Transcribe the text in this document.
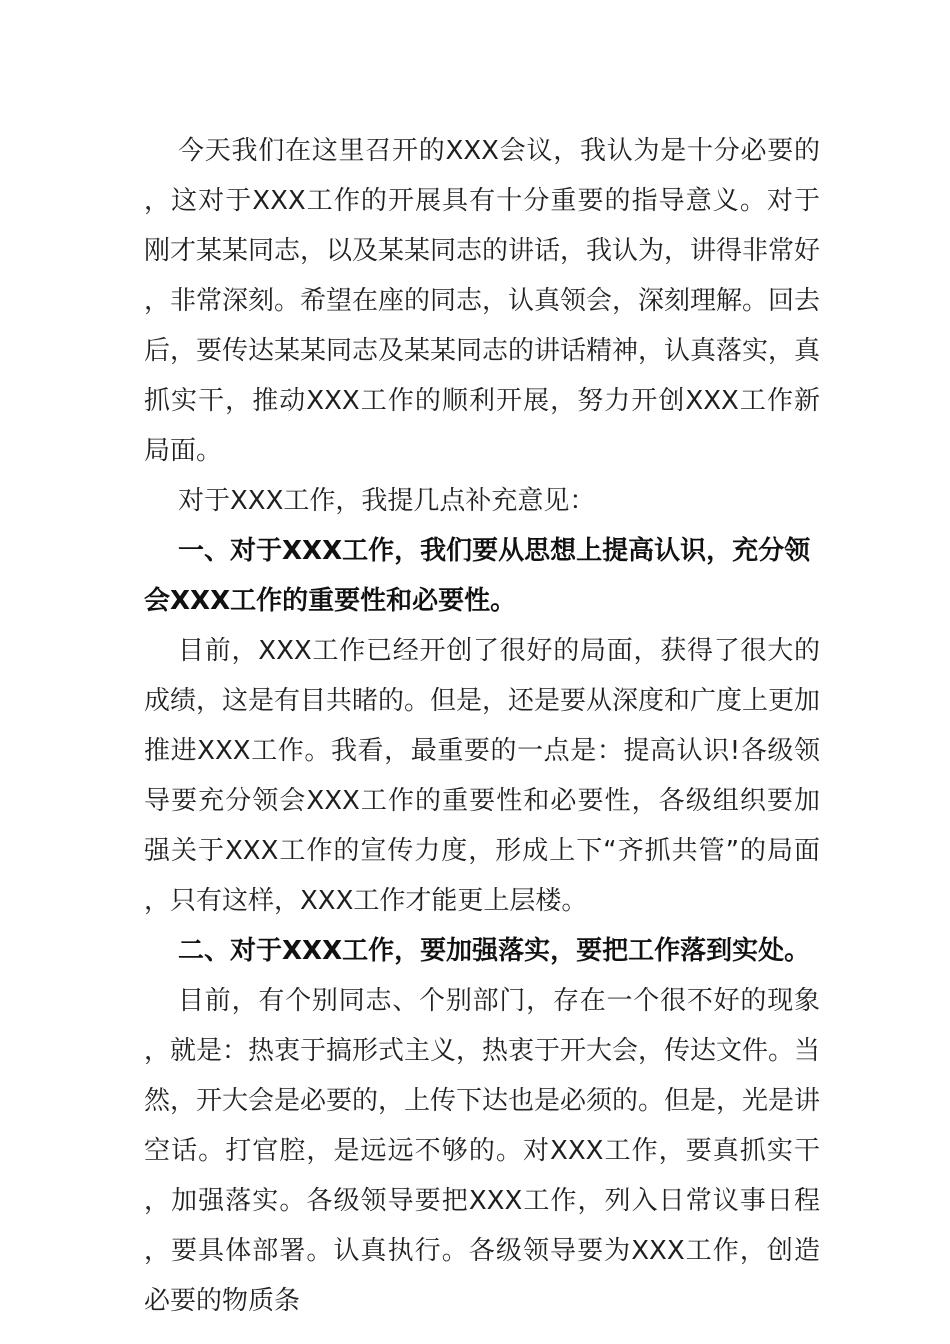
今天我们在这里召开的XXX会议，我认为是十分必要的，这对于XXX工作的开展具有十分重要的指导意义。对于刚才某某同志，以及某某同志的讲话，我认为，讲得非常好，非常深刻。希望在座的同志，认真领会，深刻理解。回去后，要传达某某同志及某某同志的讲话精神，认真落实，真抓实干，推动XXX工作的顺利开展，努力开创XXX工作新局面。

对于XXX工作，我提几点补充意见：

一、对于XXX工作，我们要从思想上提高认识，充分领会XXX工作的重要性和必要性。

目前，XXX工作已经开创了很好的局面，获得了很大的成绩，这是有目共睹的。但是，还是要从深度和广度上更加推进XXX工作。我看，最重要的一点是：提高认识!各级领导要充分领会XXX工作的重要性和必要性，各级组织要加强关于XXX工作的宣传力度，形成上下“齐抓共管”的局面，只有这样，XXX工作才能更上层楼。

二、对于XXX工作，要加强落实，要把工作落到实处。

目前，有个别同志、个别部门，存在一个很不好的现象，就是：热衷于搞形式主义，热衷于开大会，传达文件。当然，开大会是必要的，上传下达也是必须的。但是，光是讲空话。打官腔，是远远不够的。对XXX工作，要真抓实干，加强落实。各级领导要把XXX工作，列入日常议事日程，要具体部署。认真执行。各级领导要为XXX工作，创造必要的物质条
